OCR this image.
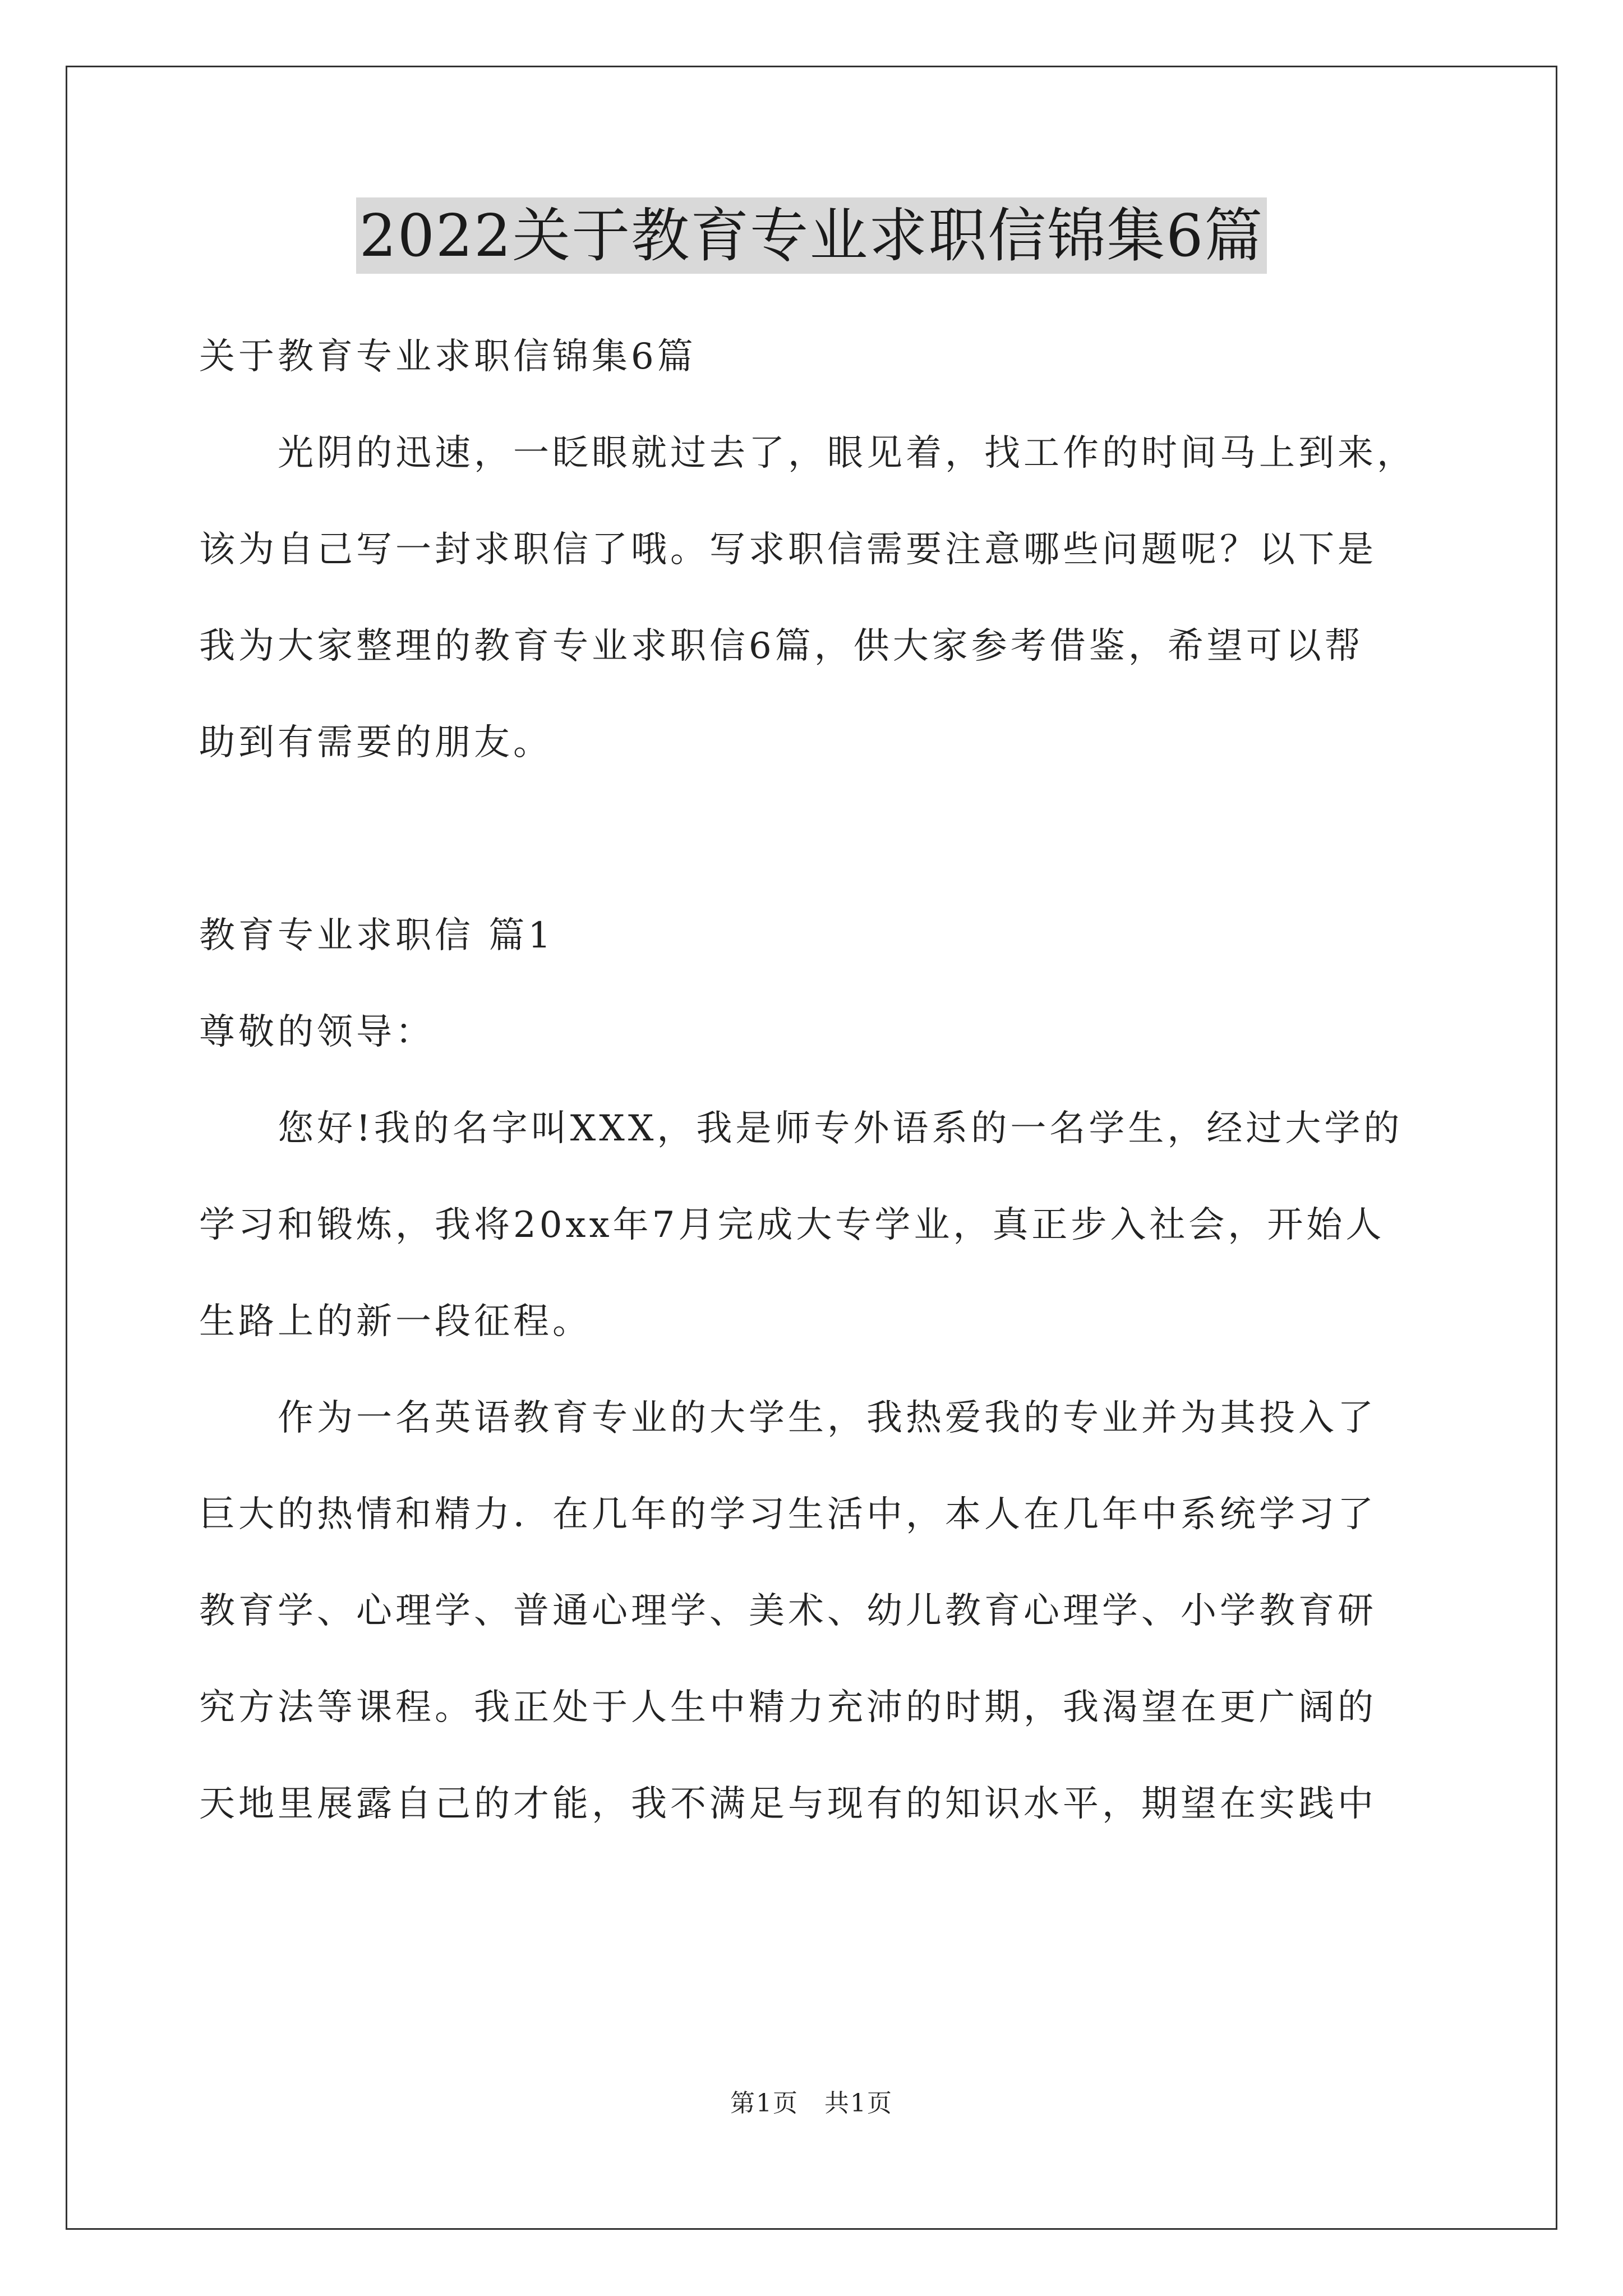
2022关于教育专业求职信锦集6篇

关于教育专业求职信锦集6篇

光阴的迅速，一眨眼就过去了，眼见着，找工作的时间马上到来，

该为自己写一封求职信了哦。写求职信需要注意哪些问题呢？以下是

我为大家整理的教育专业求职信6篇，供大家参考借鉴，希望可以帮

助到有需要的朋友。

教育专业求职信 篇1

尊敬的领导：

您好!我的名字叫XXX，我是师专外语系的一名学生，经过大学的

学习和锻炼，我将20xx年7月完成大专学业，真正步入社会，开始人

生路上的新一段征程。

作为一名英语教育专业的大学生，我热爱我的专业并为其投入了

巨大的热情和精力．在几年的学习生活中，本人在几年中系统学习了

教育学、心理学、普通心理学、美术、幼儿教育心理学、小学教育研

究方法等课程。我正处于人生中精力充沛的时期，我渴望在更广阔的

天地里展露自己的才能，我不满足与现有的知识水平，期望在实践中

第1页　共1页
